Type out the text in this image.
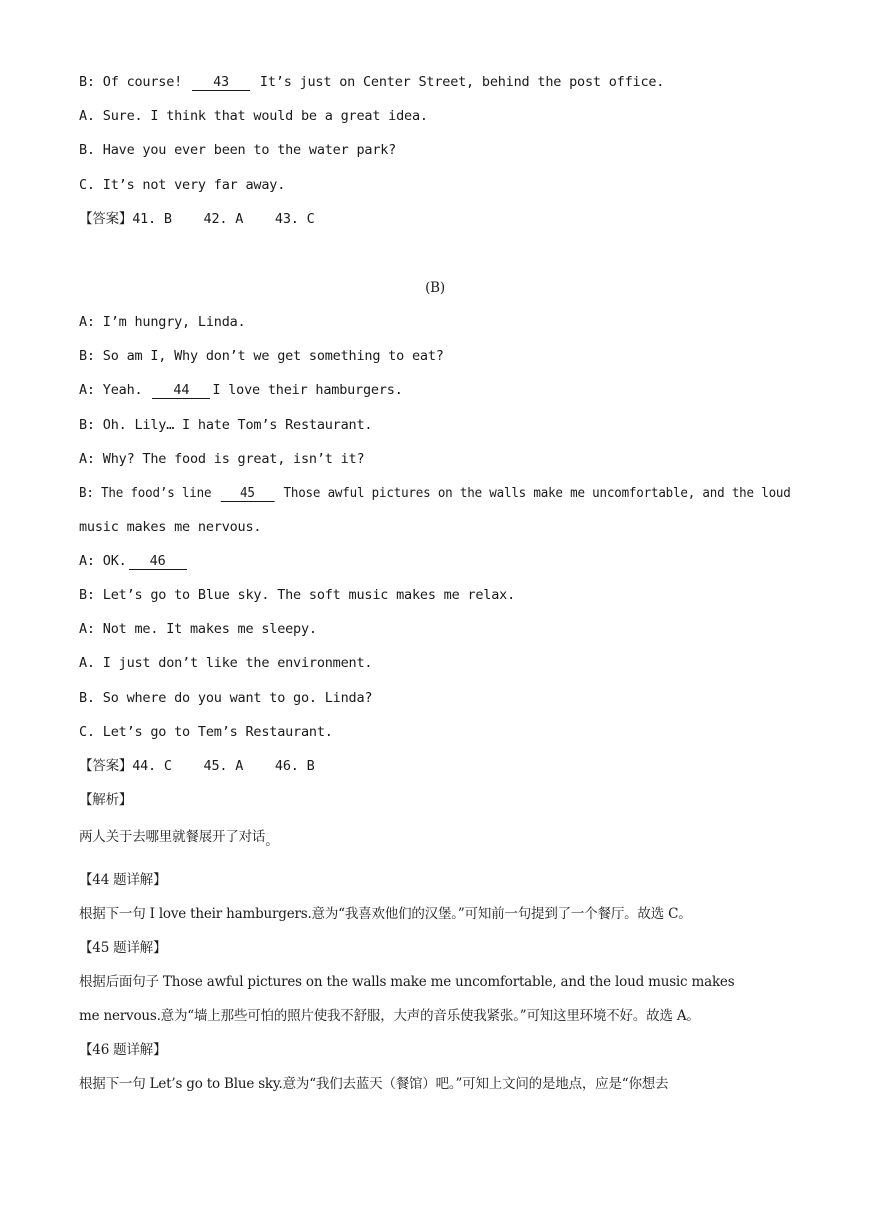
B: Of course! 43 It’s just on Center Street, behind the post office.
A. Sure. I think that would be a great idea.
B. Have you ever been to the water park?
C. It’s not very far away.
【答案】41. B    42. A    43. C
(B)
A: I’m hungry, Linda.
B: So am I, Why don’t we get something to eat?
A: Yeah. 44 I love their hamburgers.
B: Oh. Lily… I hate Tom’s Restaurant.
A: Why? The food is great, isn’t it?
B: The food’s line 45 Those awful pictures on the walls make me uncomfortable, and the loud
music makes me nervous.
A: OK. 46
B: Let’s go to Blue sky. The soft music makes me relax.
A: Not me. It makes me sleepy.
A. I just don’t like the environment.
B. So where do you want to go. Linda?
C. Let’s go to Tem’s Restaurant.
【答案】44. C    45. A    46. B
【解析】
两人关于去哪里就餐展开了对话。
【44 题详解】
根据下一句 I love their hamburgers.意为“我喜欢他们的汉堡。”可知前一句提到了一个餐厅。故选 C。
【45 题详解】
根据后面句子 Those awful pictures on the walls make me uncomfortable, and the loud music makes
me nervous.意为“墙上那些可怕的照片使我不舒服，大声的音乐使我紧张。”可知这里环境不好。故选 A。
【46 题详解】
根据下一句 Let’s go to Blue sky.意为“我们去蓝天（餐馆）吧。”可知上文问的是地点，应是“你想去
